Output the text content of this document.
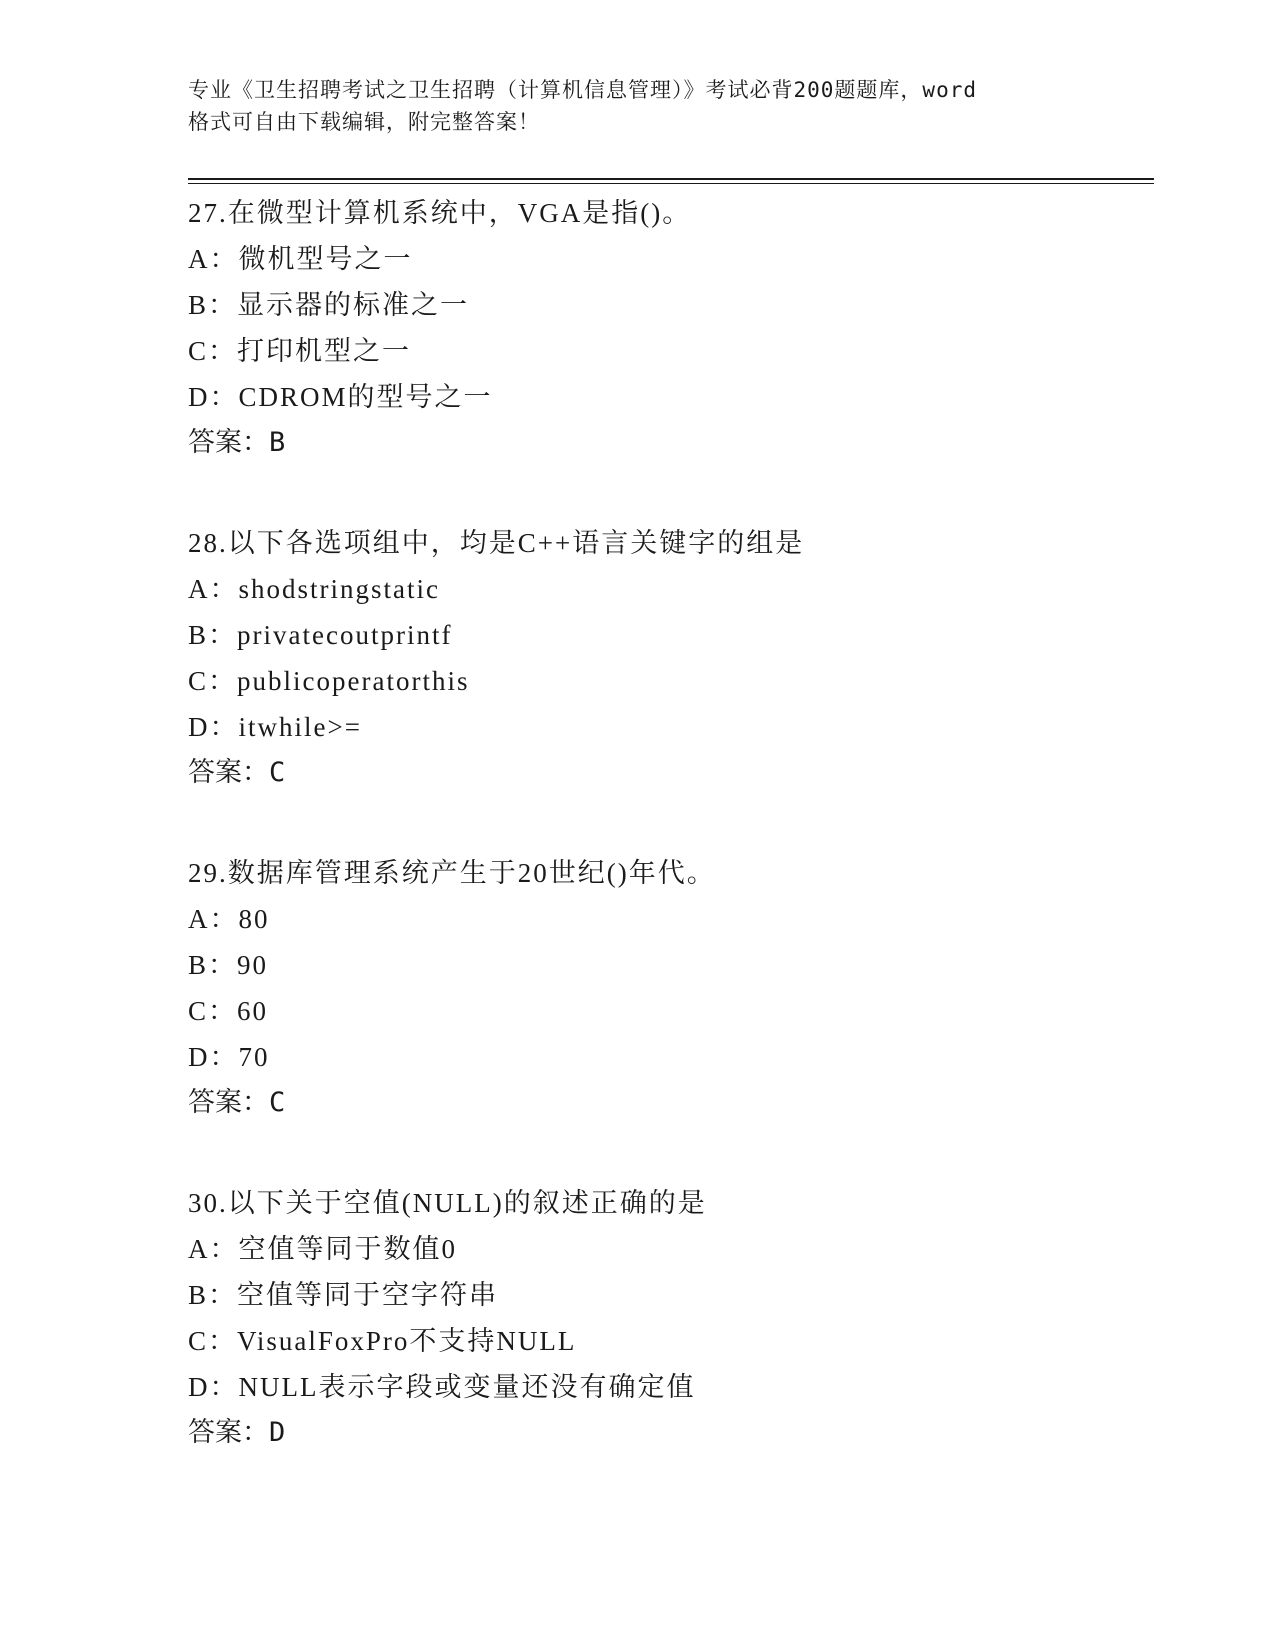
专业《卫生招聘考试之卫生招聘（计算机信息管理）》考试必背200题题库，word
格式可自由下载编辑，附完整答案！
27.在微型计算机系统中，VGA是指()。
A：微机型号之一
B：显示器的标准之一
C：打印机型之一
D：CDROM的型号之一
答案：B
28.以下各选项组中，均是C++语言关键字的组是
A：shodstringstatic
B：privatecoutprintf
C：publicoperatorthis
D：itwhile>=
答案：C
29.数据库管理系统产生于20世纪()年代。
A：80
B：90
C：60
D：70
答案：C
30.以下关于空值(NULL)的叙述正确的是
A：空值等同于数值0
B：空值等同于空字符串
C：VisualFoxPro不支持NULL
D：NULL表示字段或变量还没有确定值
答案：D
